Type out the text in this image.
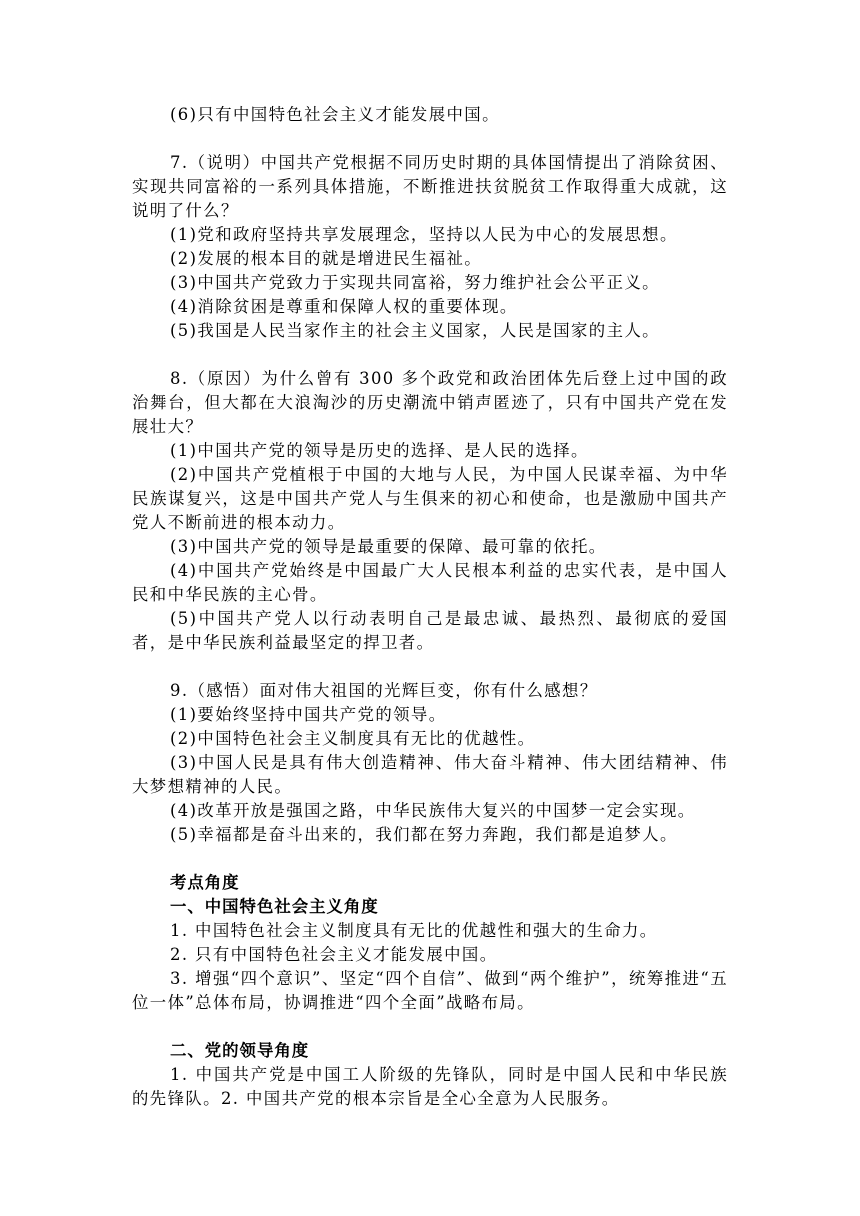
(6)只有中国特色社会主义才能发展中国。

7.（说明）中国共产党根据不同历史时期的具体国情提出了消除贫困、实现共同富裕的一系列具体措施，不断推进扶贫脱贫工作取得重大成就，这说明了什么？

(1)党和政府坚持共享发展理念，坚持以人民为中心的发展思想。

(2)发展的根本目的就是增进民生福祉。

(3)中国共产党致力于实现共同富裕，努力维护社会公平正义。

(4)消除贫困是尊重和保障人权的重要体现。

(5)我国是人民当家作主的社会主义国家，人民是国家的主人。

8.（原因）为什么曾有 300 多个政党和政治团体先后登上过中国的政治舞台，但大都在大浪淘沙的历史潮流中销声匿迹了，只有中国共产党在发展壮大？

(1)中国共产党的领导是历史的选择、是人民的选择。

(2)中国共产党植根于中国的大地与人民，为中国人民谋幸福、为中华民族谋复兴，这是中国共产党人与生俱来的初心和使命，也是激励中国共产党人不断前进的根本动力。

(3)中国共产党的领导是最重要的保障、最可靠的依托。

(4)中国共产党始终是中国最广大人民根本利益的忠实代表，是中国人民和中华民族的主心骨。

(5)中国共产党人以行动表明自己是最忠诚、最热烈、最彻底的爱国者，是中华民族利益最坚定的捍卫者。

9.（感悟）面对伟大祖国的光辉巨变，你有什么感想？

(1)要始终坚持中国共产党的领导。

(2)中国特色社会主义制度具有无比的优越性。

(3)中国人民是具有伟大创造精神、伟大奋斗精神、伟大团结精神、伟大梦想精神的人民。

(4)改革开放是强国之路，中华民族伟大复兴的中国梦一定会实现。

(5)幸福都是奋斗出来的，我们都在努力奔跑，我们都是追梦人。

考点角度

一、中国特色社会主义角度

1. 中国特色社会主义制度具有无比的优越性和强大的生命力。

2. 只有中国特色社会主义才能发展中国。

3. 增强“四个意识”、坚定“四个自信”、做到“两个维护”，统筹推进“五位一体”总体布局，协调推进“四个全面”战略布局。

二、党的领导角度

1. 中国共产党是中国工人阶级的先锋队，同时是中国人民和中华民族的先锋队。2. 中国共产党的根本宗旨是全心全意为人民服务。
